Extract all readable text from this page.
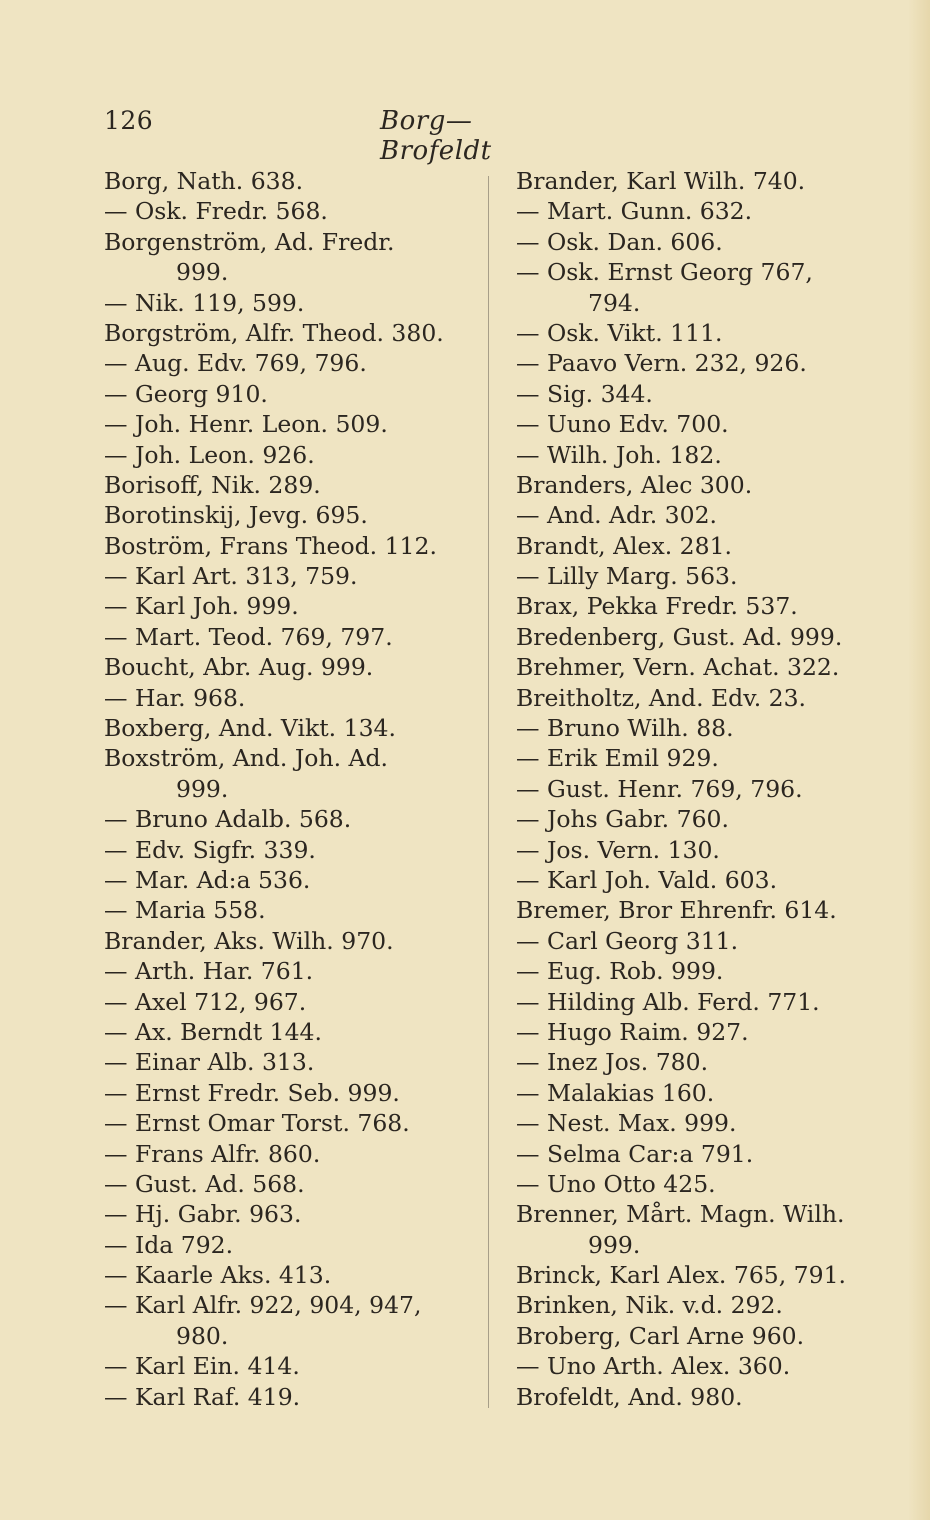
126	Borg—Brofeldt
Borg, Nath. 638.
— Osk. Fredr. 568.
Borgenström, Ad. Fredr.
999.
— Nik. 119, 599.
Borgström, Alfr. Theod. 380.
— Aug. Edv. 769, 796.
— Georg 910.
— Joh. Henr. Leon. 509.
— Joh. Leon. 926.
Borisoff, Nik. 289.
Borotinskij, Jevg. 695.
Boström, Frans Theod. 112.
— Karl Art. 313, 759.
— Karl Joh. 999.
— Mart. Teod. 769, 797.
Boucht, Abr. Aug. 999.
— Har. 968.
Boxberg, And. Vikt. 134.
Boxström, And. Joh. Ad.
999.
— Bruno Adalb. 568.
— Edv. Sigfr. 339.
— Mar. Ad:a 536.
— Maria 558.
Brander, Aks. Wilh. 970.
— Arth. Har. 761.
— Axel 712, 967.
— Ax. Berndt 144.
— Einar Alb. 313.
— Ernst Fredr. Seb. 999.
— Ernst Omar Torst. 768.
— Frans Alfr. 860.
— Gust. Ad. 568.
— Hj. Gabr. 963.
— Ida 792.
— Kaarle Aks. 413.
— Karl Alfr. 922, 904, 947,
980.
— Karl Ein. 414.
— Karl Raf. 419.
Brander, Karl Wilh. 740.
— Mart. Gunn. 632.
— Osk. Dan. 606.
— Osk. Ernst Georg 767,
794.
— Osk. Vikt. 111.
— Paavo Vern. 232, 926.
— Sig. 344.
— Uuno Edv. 700.
— Wilh. Joh. 182.
Branders, Alec 300.
— And. Adr. 302.
Brandt, Alex. 281.
— Lilly Marg. 563.
Brax, Pekka Fredr. 537.
Bredenberg, Gust. Ad. 999.
Brehmer, Vern. Achat. 322.
Breitholtz, And. Edv. 23.
— Bruno Wilh. 88.
— Erik Emil 929.
— Gust. Henr. 769, 796.
— Johs Gabr. 760.
— Jos. Vern. 130.
— Karl Joh. Vald. 603.
Bremer, Bror Ehrenfr. 614.
— Carl Georg 311.
— Eug. Rob. 999.
— Hilding Alb. Ferd. 771.
— Hugo Raim. 927.
— Inez Jos. 780.
— Malakias 160.
— Nest. Max. 999.
— Selma Car:a 791.
— Uno Otto 425.
Brenner, Mårt. Magn. Wilh.
999.
Brinck, Karl Alex. 765, 791.
Brinken, Nik. v.d. 292.
Broberg, Carl Arne 960.
— Uno Arth. Alex. 360.
Brofeldt, And. 980.
